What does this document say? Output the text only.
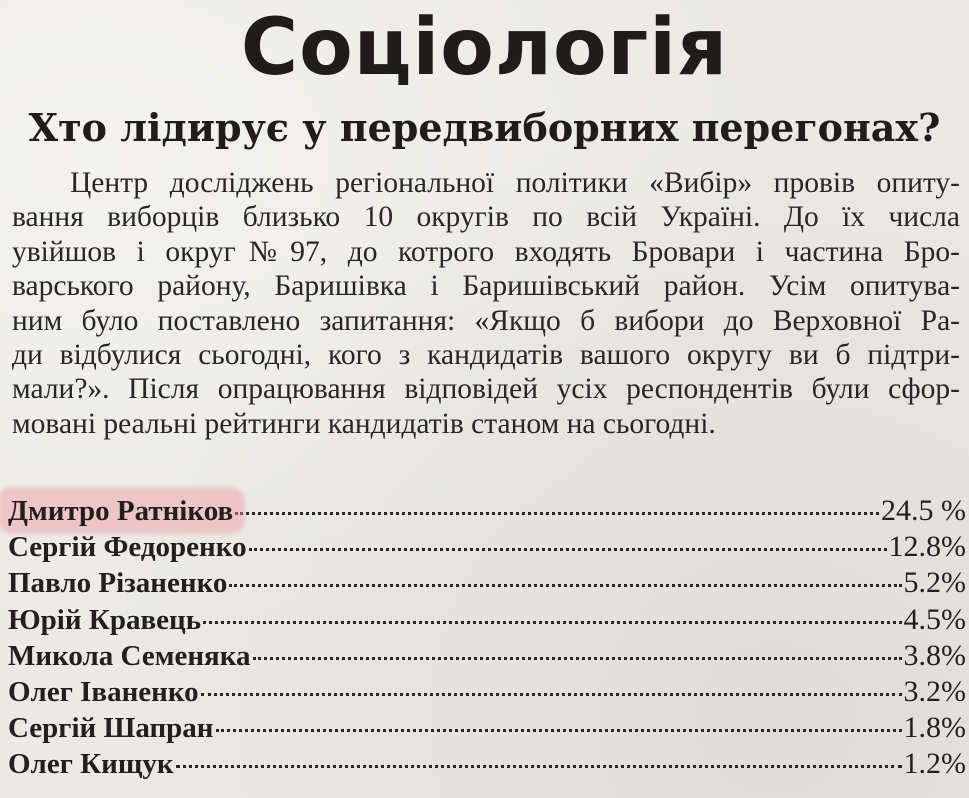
Соціологія
Хто лідирує у передвиборних перегонах?
Центр досліджень регіональної політики «Вибір» провів опиту-
вання виборців близько 10 округів по всій Україні. До їх числа
увійшов і округ№97, до котрого входять Бровари і частина Бро-
варського району, Баришівка і Баришівський район. Усім опитува-
ним було поставлено запитання: «Якщо б вибори до Верховної Ра-
ди відбулися сьогодні, кого з кандидатів вашого округу ви б підтри-
мали?». Після опрацювання відповідей усіх респондентів були сфор-
мовані реальні рейтинги кандидатів станом на сьогодні.
Дмитро Ратніков	24.5 %
Сергій Федоренко	12.8%
Павло Різаненко	5.2%
Юрій Кравець	4.5%
Микола Семеняка	3.8%
Олег Іваненко	3.2%
Сергій Шапран	1.8%
Олег Кищук	1.2%
